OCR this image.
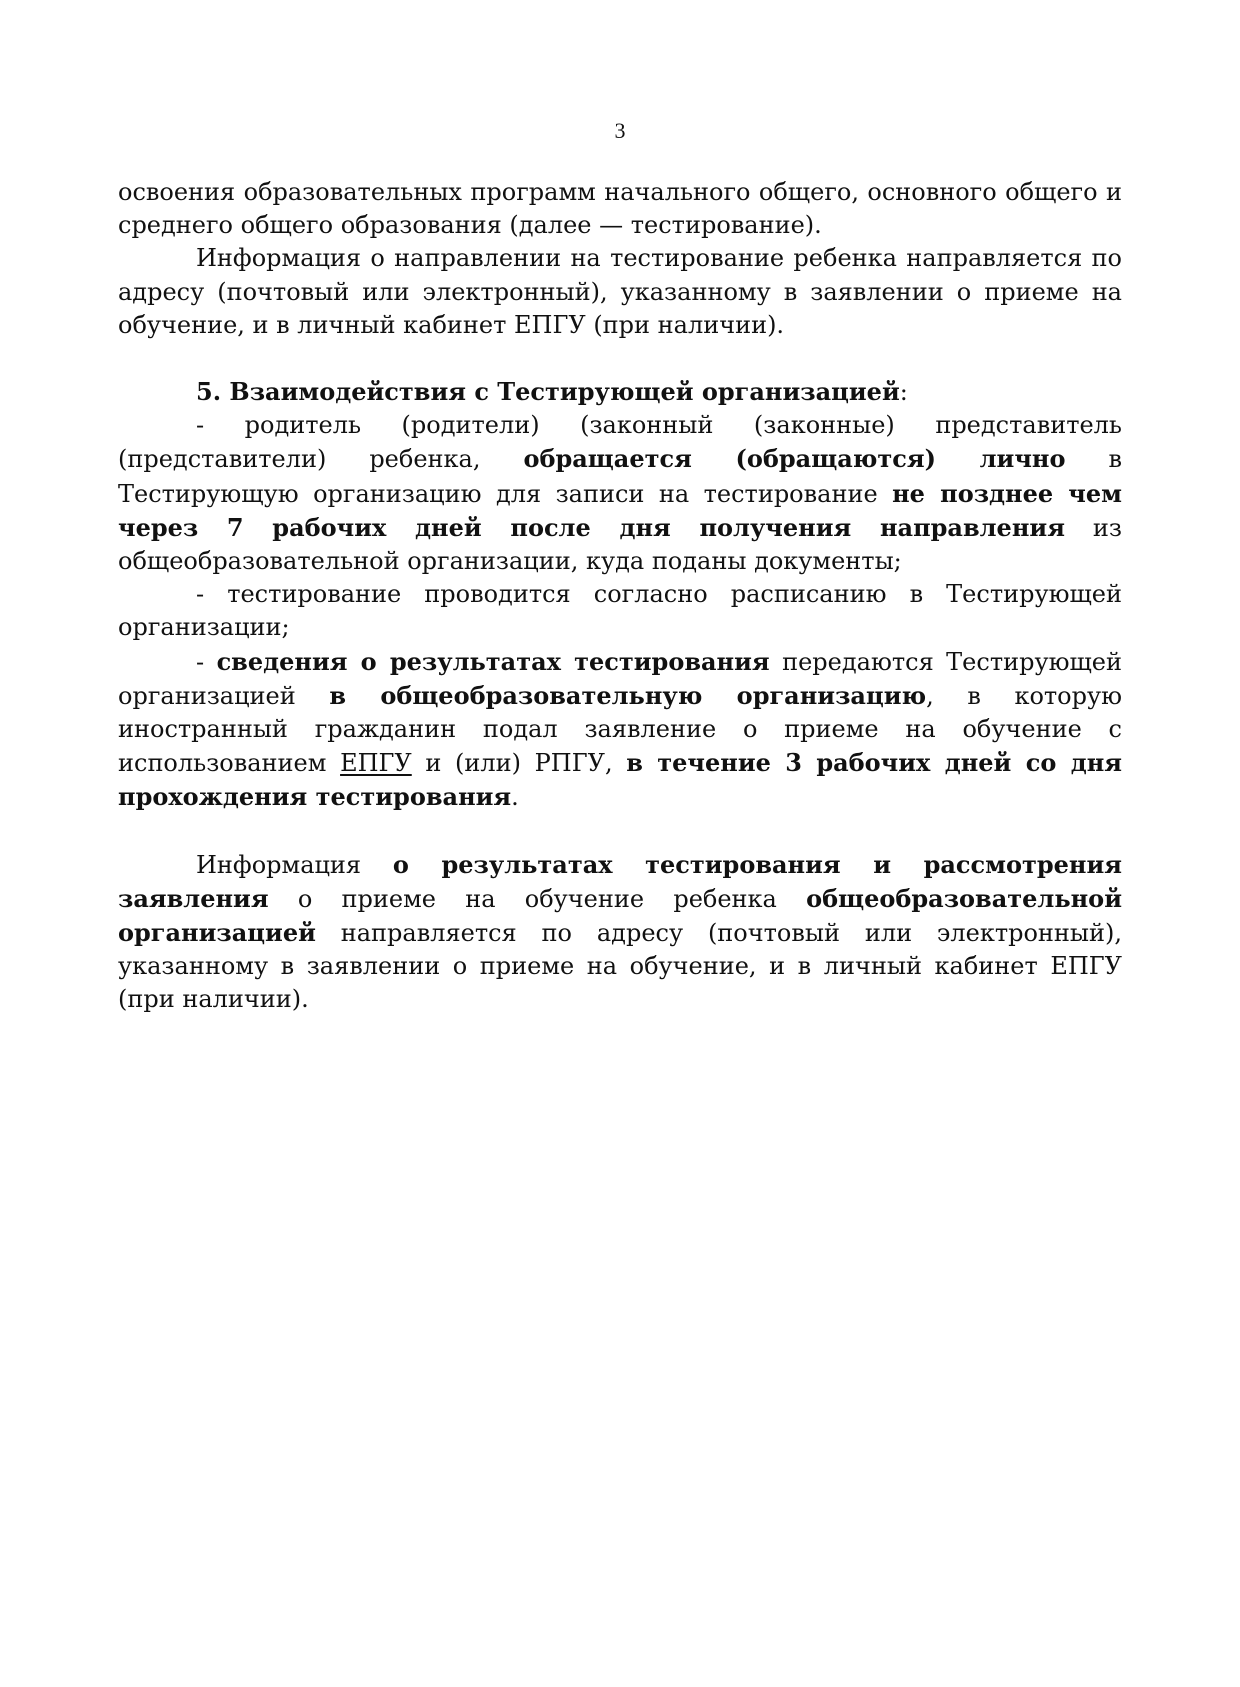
3

освоения образовательных программ начального общего, основного общего и среднего общего образования (далее — тестирование).

Информация о направлении на тестирование ребенка направляется по адресу (почтовый или электронный), указанному в заявлении о приеме на обучение, и в личный кабинет ЕПГУ (при наличии).

5. Взаимодействия с Тестирующей организацией:

- родитель (родители) (законный (законные) представитель (представители) ребенка, обращается (обращаются) лично в Тестирующую организацию для записи на тестирование не позднее чем через 7 рабочих дней после дня получения направления из общеобразовательной организации, куда поданы документы;

- тестирование проводится согласно расписанию в Тестирующей организации;

- сведения о результатах тестирования передаются Тестирующей организацией в общеобразовательную организацию, в которую иностранный гражданин подал заявление о приеме на обучение с использованием ЕПГУ и (или) РПГУ, в течение 3 рабочих дней со дня прохождения тестирования.

Информация о результатах тестирования и рассмотрения заявления о приеме на обучение ребенка общеобразовательной организацией направляется по адресу (почтовый или электронный), указанному в заявлении о приеме на обучение, и в личный кабинет ЕПГУ (при наличии).
